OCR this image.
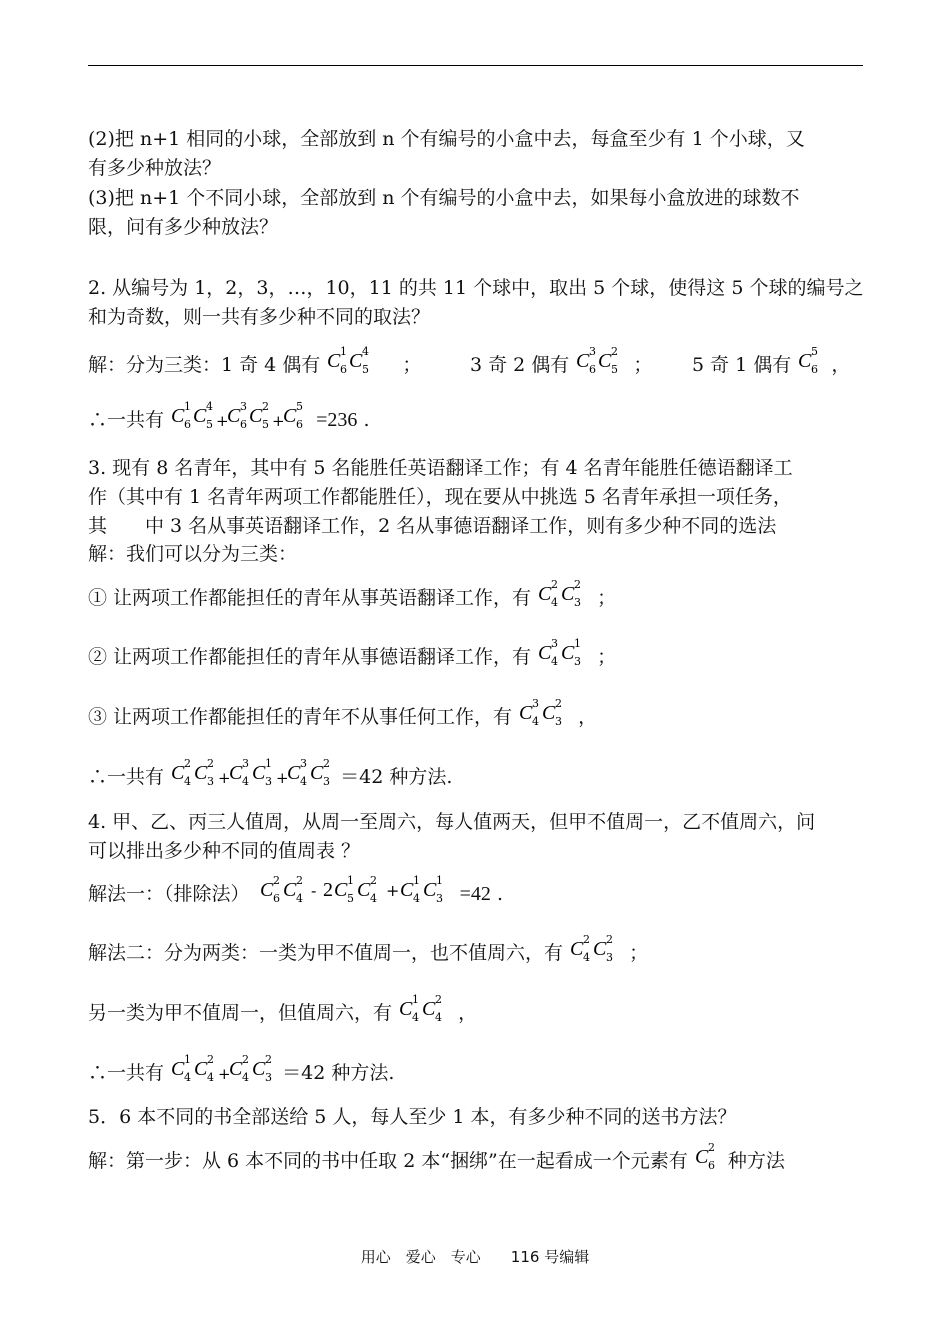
(2)把 n+1 相同的小球，全部放到 n 个有编号的小盒中去，每盒至少有 1 个小球，又
有多少种放法？
(3)把 n+1 个不同小球，全部放到 n 个有编号的小盒中去，如果每小盒放进的球数不
限，问有多少种放法？
2. 从编号为 1，2，3，…，10，11 的共 11 个球中，取出 5 个球，使得这 5 个球的编号之
和为奇数，则一共有多少种不同的取法？
解：分为三类：1 奇 4 偶有 C 1
6 C 4
5 ；	3 奇 2 偶有 C 3
6 C 2
5 ； 5 奇 1 偶有 C 5
6 ，
∴一共有 C 1
6 C 4
5 +
C 3
6 C 2
5 +
C 5
6 =236 .
3. 现有 8 名青年，其中有 5 名能胜任英语翻译工作；有 4 名青年能胜任德语翻译工
作（其中有 1 名青年两项工作都能胜任），现在要从中挑选 5 名青年承担一项任务，
其　　中 3 名从事英语翻译工作，2 名从事德语翻译工作，则有多少种不同的选法
解：我们可以分为三类：
① 让两项工作都能担任的青年从事英语翻译工作，有 C 2
4 C 2
3 ；
② 让两项工作都能担任的青年从事德语翻译工作，有 C 3
4 C 1
3 ；
③ 让两项工作都能担任的青年不从事任何工作，有 C 3
4 C 2
3 ，
∴一共有 C 2
4 C 2
3 +
C 3
4 C 1
3 +
C 3
4 C 2
3 ＝42 种方法.
4. 甲、乙、丙三人值周，从周一至周六，每人值两天，但甲不值周一，乙不值周六，问
可以排出多少种不同的值周表 ？
解法一：（排除法） C 2
6 C 2
4 - 2 C 1
5 C 2
4 + C 1
4 C 1
3 =42 .
解法二：分为两类：一类为甲不值周一，也不值周六，有 C 2
4 C 2
3 ；
另一类为甲不值周一，但值周六，有 C 1
4 C 2
4 ，
∴一共有 C 1
4 C 2
4 +
C 2
4 C 2
3 ＝42 种方法.
5．6 本不同的书全部送给 5 人，每人至少 1 本，有多少种不同的送书方法？
解：第一步：从 6 本不同的书中任取 2 本“捆绑”在一起看成一个元素有 C 2
6 种方法
用心　爱心　专心　　116 号编辑
